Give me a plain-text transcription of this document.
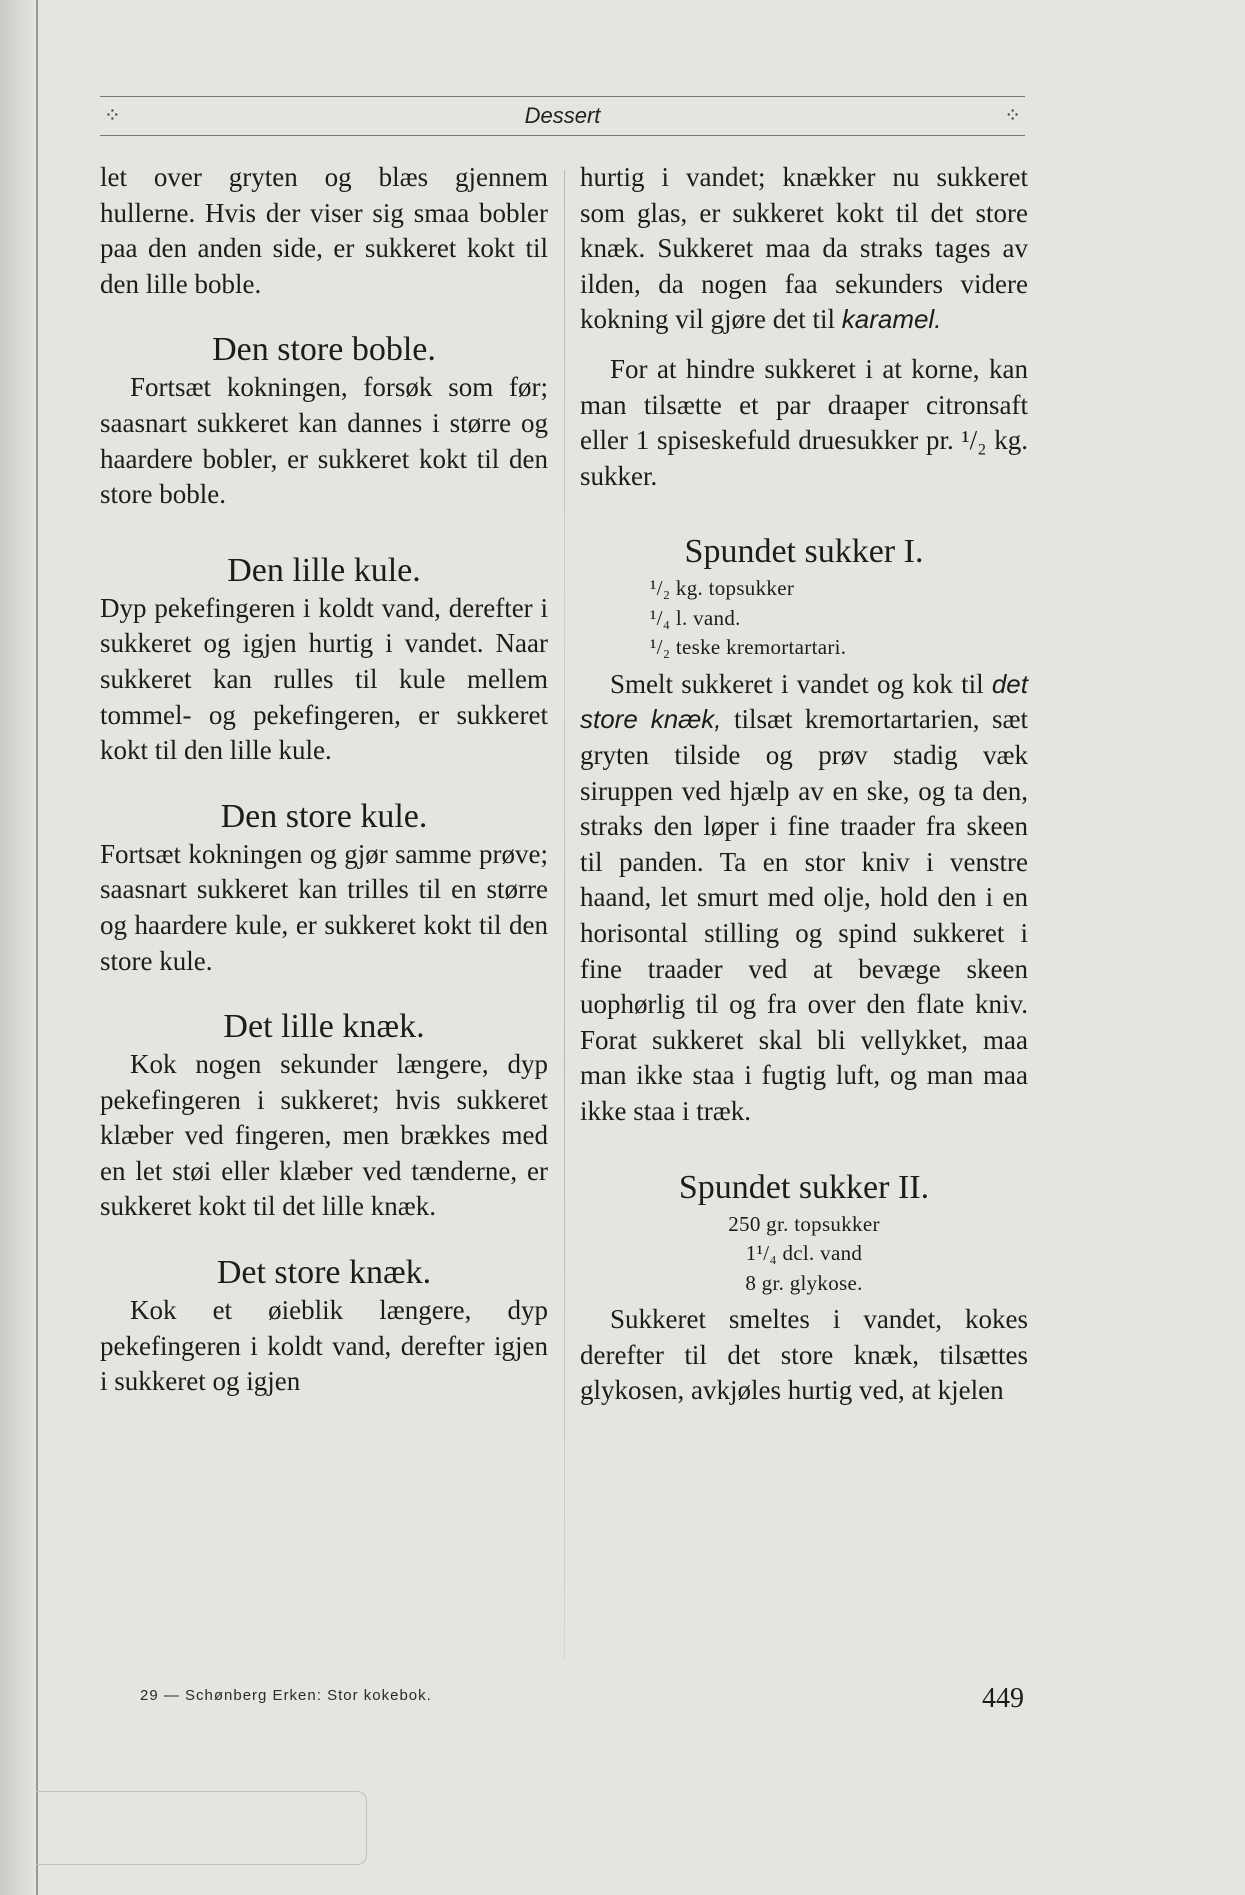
⁘	Dessert	⁘

let over gryten og blæs gjennem hullerne. Hvis der viser sig smaa bobler paa den anden side, er sukkeret kokt til den lille boble.

Den store boble.

Fortsæt kokningen, forsøk som før; saasnart sukkeret kan dannes i større og haardere bobler, er sukkeret kokt til den store boble.

Den lille kule.

Dyp pekefingeren i koldt vand, derefter i sukkeret og igjen hurtig i vandet. Naar sukkeret kan rulles til kule mellem tommel- og pekefingeren, er sukkeret kokt til den lille kule.

Den store kule.

Fortsæt kokningen og gjør samme prøve; saasnart sukkeret kan trilles til en større og haardere kule, er sukkeret kokt til den store kule.

Det lille knæk.

Kok nogen sekunder længere, dyp pekefingeren i sukkeret; hvis sukkeret klæber ved fingeren, men brækkes med en let støi eller klæber ved tænderne, er sukkeret kokt til det lille knæk.

Det store knæk.

Kok et øieblik længere, dyp pekefingeren i koldt vand, derefter igjen i sukkeret og igjen

hurtig i vandet; knækker nu sukkeret som glas, er sukkeret kokt til det store knæk. Sukkeret maa da straks tages av ilden, da nogen faa sekunders videre kokning vil gjøre det til karamel.

For at hindre sukkeret i at korne, kan man tilsætte et par draaper citronsaft eller 1 spiseskefuld druesukker pr. ¹/₂ kg. sukker.

Spundet sukker I.
¹/₂ kg. topsukker
¹/₄ l. vand.
¹/₂ teske kremortartari.

Smelt sukkeret i vandet og kok til det store knæk, tilsæt kremortartarien, sæt gryten tilside og prøv stadig væk siruppen ved hjælp av en ske, og ta den, straks den løper i fine traader fra skeen til panden. Ta en stor kniv i venstre haand, let smurt med olje, hold den i en horisontal stilling og spind sukkeret i fine traader ved at bevæge skeen uophørlig til og fra over den flate kniv. Forat sukkeret skal bli vellykket, maa man ikke staa i fugtig luft, og man maa ikke staa i træk.

Spundet sukker II.
250 gr. topsukker
1¹/₄ dcl. vand
8 gr. glykose.

Sukkeret smeltes i vandet, kokes derefter til det store knæk, tilsættes glykosen, avkjøles hurtig ved, at kjelen

29 — Schønberg Erken: Stor kokebok.	449
